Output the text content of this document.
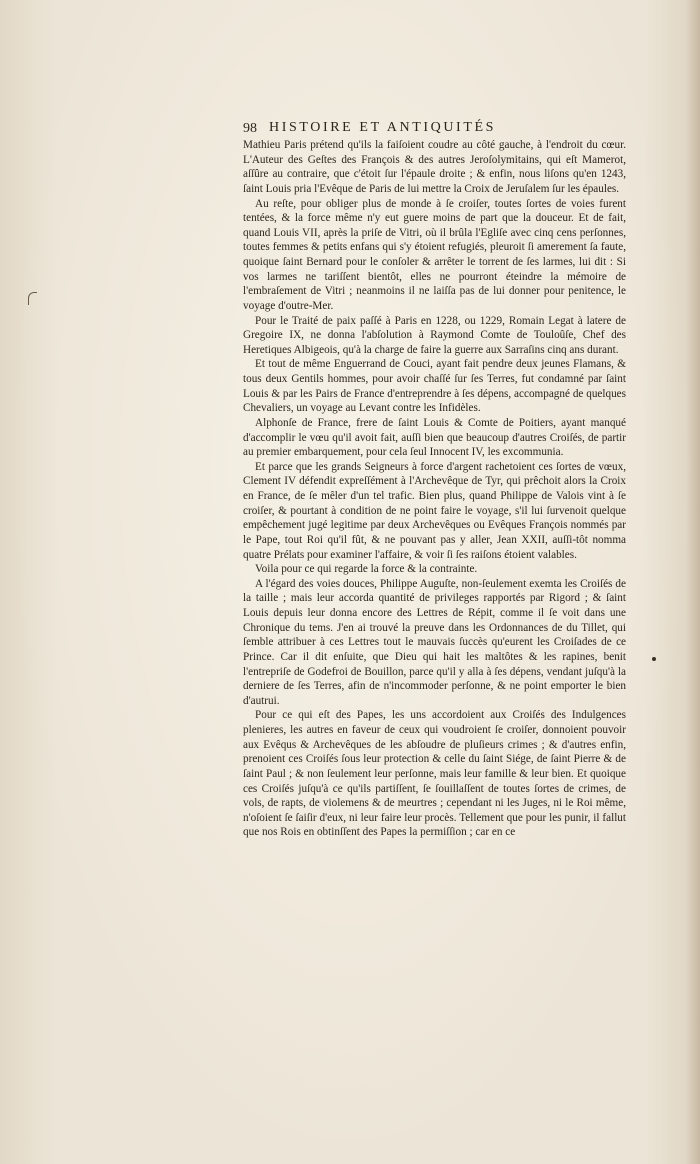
98 HISTOIRE ET ANTIQUITÉS

Mathieu Paris prétend qu'ils la faiſoient coudre au côté gauche, à l'endroit du cœur. L'Auteur des Geſtes des François & des autres Jeroſolymitains, qui eſt Mamerot, aſſûre au contraire, que c'étoit ſur l'épaule droite ; & enfin, nous liſons qu'en 1243, ſaint Louis pria l'Evêque de Paris de lui mettre la Croix de Jeruſalem ſur les épaules.

Au reſte, pour obliger plus de monde à ſe croiſer, toutes ſortes de voies furent tentées, & la force même n'y eut guere moins de part que la douceur. Et de fait, quand Louis VII, après la priſe de Vitri, où il brûla l'Egliſe avec cinq cens perſonnes, toutes femmes & petits enfans qui s'y étoient refugiés, pleuroit ſi amerement ſa faute, quoique ſaint Bernard pour le conſoler & arrêter le torrent de ſes larmes, lui dit : Si vos larmes ne tariſſent bientôt, elles ne pourront éteindre la mémoire de l'embraſement de Vitri ; neanmoins il ne laiſſa pas de lui donner pour penitence, le voyage d'outre-Mer.

Pour le Traité de paix paſſé à Paris en 1228, ou 1229, Romain Legat à latere de Gregoire IX, ne donna l'abſolution à Raymond Comte de Touloûſe, Chef des Heretiques Albigeois, qu'à la charge de faire la guerre aux Sarraſins cinq ans durant.

Et tout de même Enguerrand de Couci, ayant fait pendre deux jeunes Flamans, & tous deux Gentils hommes, pour avoir chaſſé ſur ſes Terres, fut condamné par ſaint Louis & par les Pairs de France d'entreprendre à ſes dépens, accompagné de quelques Chevaliers, un voyage au Levant contre les Infidèles.

Alphonſe de France, frere de ſaint Louis & Comte de Poitiers, ayant manqué d'accomplir le vœu qu'il avoit fait, auſſi bien que beaucoup d'autres Croiſés, de partir au premier embarquement, pour cela ſeul Innocent IV, les excommunia.

Et parce que les grands Seigneurs à force d'argent rachetoient ces ſortes de vœux, Clement IV défendit expreſſément à l'Archevêque de Tyr, qui prêchoit alors la Croix en France, de ſe mêler d'un tel trafic. Bien plus, quand Philippe de Valois vint à ſe croiſer, & pourtant à condition de ne point faire le voyage, s'il lui ſurvenoit quelque empêchement jugé legitime par deux Archevêques ou Evêques François nommés par le Pape, tout Roi qu'il fût, & ne pouvant pas y aller, Jean XXII, auſſi-tôt nomma quatre Prélats pour examiner l'affaire, & voir ſi ſes raiſons étoient valables.

Voila pour ce qui regarde la force & la contrainte.

A l'égard des voies douces, Philippe Auguſte, non-ſeulement exemta les Croiſés de la taille ; mais leur accorda quantité de privileges rapportés par Rigord ; & ſaint Louis depuis leur donna encore des Lettres de Répit, comme il ſe voit dans une Chronique du tems. J'en ai trouvé la preuve dans les Ordonnances de du Tillet, qui ſemble attribuer à ces Lettres tout le mauvais ſuccès qu'eurent les Croiſades de ce Prince. Car il dit enſuite, que Dieu qui hait les maltôtes & les rapines, benit l'entrepriſe de Godefroi de Bouillon, parce qu'il y alla à ſes dépens, vendant juſqu'à la derniere de ſes Terres, afin de n'incommoder perſonne, & ne point emporter le bien d'autrui.

Pour ce qui eſt des Papes, les uns accordoient aux Croiſés des Indulgences plenieres, les autres en faveur de ceux qui voudroient ſe croiſer, donnoient pouvoir aux Evêqus & Archevêques de les abſoudre de pluſieurs crimes ; & d'autres enfin, prenoient ces Croiſés ſous leur protection & celle du ſaint Siége, de ſaint Pierre & de ſaint Paul ; & non ſeulement leur perſonne, mais leur famille & leur bien. Et quoique ces Croiſés juſqu'à ce qu'ils partiſſent, ſe ſouillaſſent de toutes ſortes de crimes, de vols, de rapts, de violemens & de meurtres ; cependant ni les Juges, ni le Roi même, n'oſoient ſe ſaiſir d'eux, ni leur faire leur procès. Tellement que pour les punir, il fallut que nos Rois en obtinſſent des Papes la permiſſion ; car en ce
